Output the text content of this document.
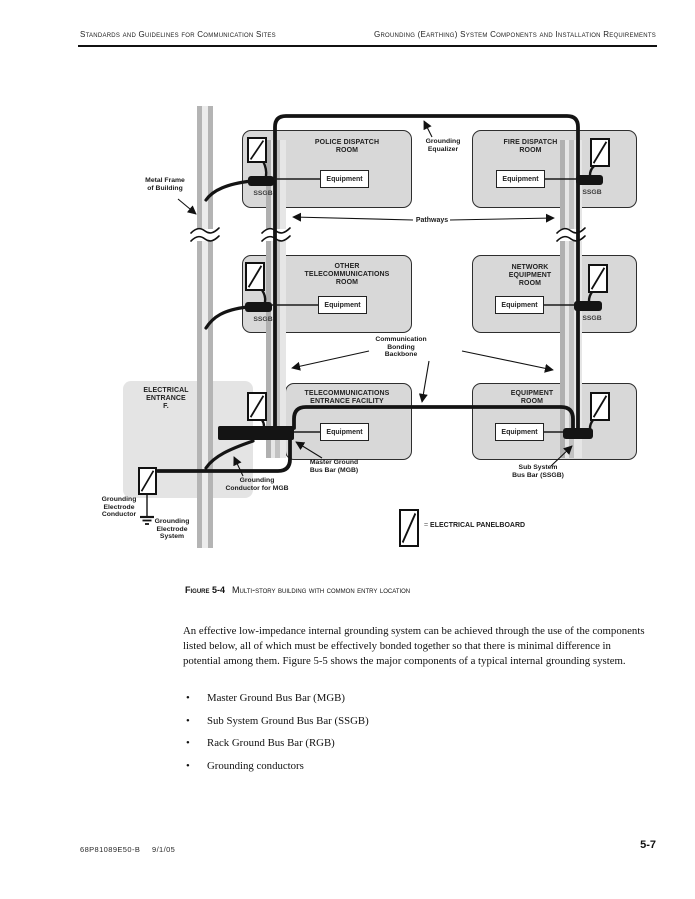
Standards and Guidelines for Communication Sites	Grounding (Earthing) System Components and Installation Requirements
Equipment	Equipment
Equipment	Equipment
Equipment	Equipment
POLICE DISPATCH
ROOM
FIRE DISPATCH
ROOM
OTHER
TELECOMMUNICATIONS
ROOM
NETWORK
EQUIPMENT
ROOM
TELECOMMUNICATIONS
ENTRANCE FACILITY
EQUIPMENT
ROOM
ELECTRICAL
ENTRANCE
F.
SSGB	SSGB
SSGB	SSGB
Metal Frame
of Building
Grounding
Equalizer
Pathways
Communication
Bonding
Backbone
Master Ground
Bus Bar (MGB)	Sub System
Bus Bar (SSGB)
Grounding
Conductor for MGB
Grounding
Electrode
Conductor
Grounding
Electrode
System
= ELECTRICAL PANELBOARD
Figure 5-4 Multi-story building with common entry location
An effective low-impedance internal grounding system can be achieved through the use of the components listed below, all of which must be effectively bonded together so that there is minimal difference in potential among them. Figure 5-5 shows the major components of a typical internal grounding system.
• Master Ground Bus Bar (MGB)
• Sub System Ground Bus Bar (SSGB)
• Rack Ground Bus Bar (RGB)
• Grounding conductors
68P81089E50-B 9/1/05	5-7
